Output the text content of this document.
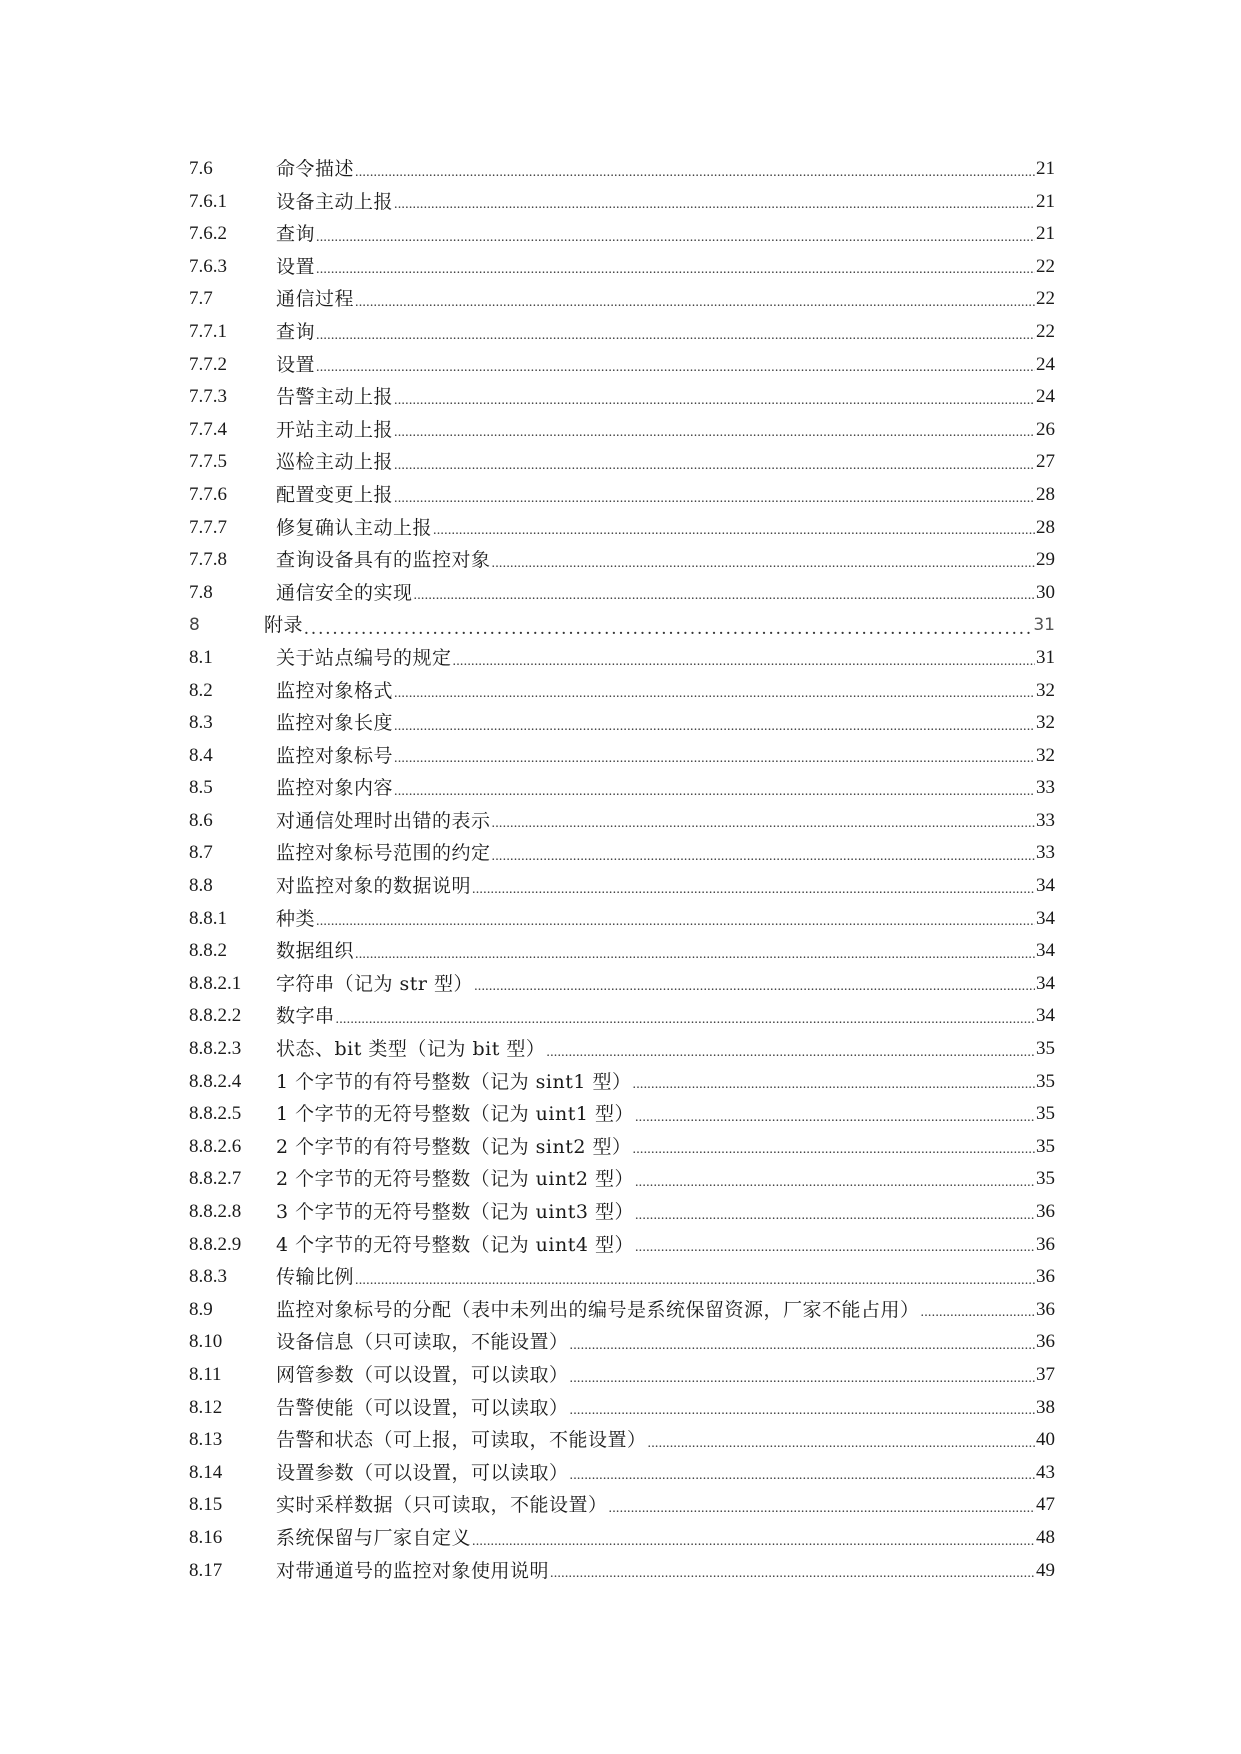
7.6	命令描述 .....	21
7.6.1	设备主动上报 .....	21
7.6.2	查询 .....	21
7.6.3	设置 .....	22
7.7	通信过程 .....	22
7.7.1	查询 .....	22
7.7.2	设置 .....	24
7.7.3	告警主动上报 .....	24
7.7.4	开站主动上报 .....	26
7.7.5	巡检主动上报 .....	27
7.7.6	配置变更上报 .....	28
7.7.7	修复确认主动上报 .....	28
7.7.8	查询设备具有的监控对象 .....	29
7.8	通信安全的实现 .....	30
8	附录 .....	31
8.1	关于站点编号的规定 .....	31
8.2	监控对象格式 .....	32
8.3	监控对象长度 .....	32
8.4	监控对象标号 .....	32
8.5	监控对象内容 .....	33
8.6	对通信处理时出错的表示 .....	33
8.7	监控对象标号范围的约定 .....	33
8.8	对监控对象的数据说明 .....	34
8.8.1	种类 .....	34
8.8.2	数据组织 .....	34
8.8.2.1	字符串（记为 str 型） .....	34
8.8.2.2	数字串 .....	34
8.8.2.3	状态、bit 类型（记为 bit 型） .....	35
8.8.2.4	1 个字节的有符号整数（记为 sint1 型） .....	35
8.8.2.5	1 个字节的无符号整数（记为 uint1 型） .....	35
8.8.2.6	2 个字节的有符号整数（记为 sint2 型） .....	35
8.8.2.7	2 个字节的无符号整数（记为 uint2 型） .....	35
8.8.2.8	3 个字节的无符号整数（记为 uint3 型） .....	36
8.8.2.9	4 个字节的无符号整数（记为 uint4 型） .....	36
8.8.3	传输比例 .....	36
8.9	监控对象标号的分配（表中未列出的编号是系统保留资源，厂家不能占用） .....	36
8.10	设备信息（只可读取，不能设置） .....	36
8.11	网管参数（可以设置，可以读取） .....	37
8.12	告警使能（可以设置，可以读取） .....	38
8.13	告警和状态（可上报，可读取，不能设置） .....	40
8.14	设置参数（可以设置，可以读取） .....	43
8.15	实时采样数据（只可读取，不能设置） .....	47
8.16	系统保留与厂家自定义 .....	48
8.17	对带通道号的监控对象使用说明 .....	49
